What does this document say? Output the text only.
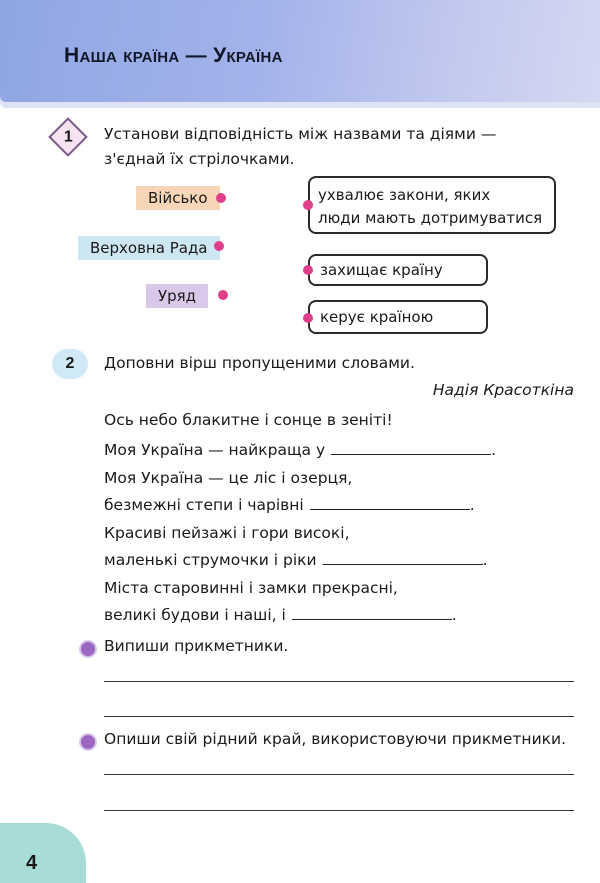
Наша країна — Україна
1	Установи відповідність між назвами та діями —
з'єднай їх стрілочками.
Військо
Верховна Рада
Уряд
ухвалює закони, яких
люди мають дотримуватися
захищає країну
керує країною
2	Доповни вірш пропущеними словами.
Надія Красоткіна
Ось небо блакитне і сонце в зеніті!
Моя Україна — найкраща у	.
Моя Україна — це ліс і озерця,
безмежні степи і чарівні	.
Красиві пейзажі і гори високі,
маленькі струмочки і ріки	.
Міста старовинні і замки прекрасні,
великі будови і наші, і	.
Випиши прикметники.
Опиши свій рідний край, використовуючи прикметники.
4
